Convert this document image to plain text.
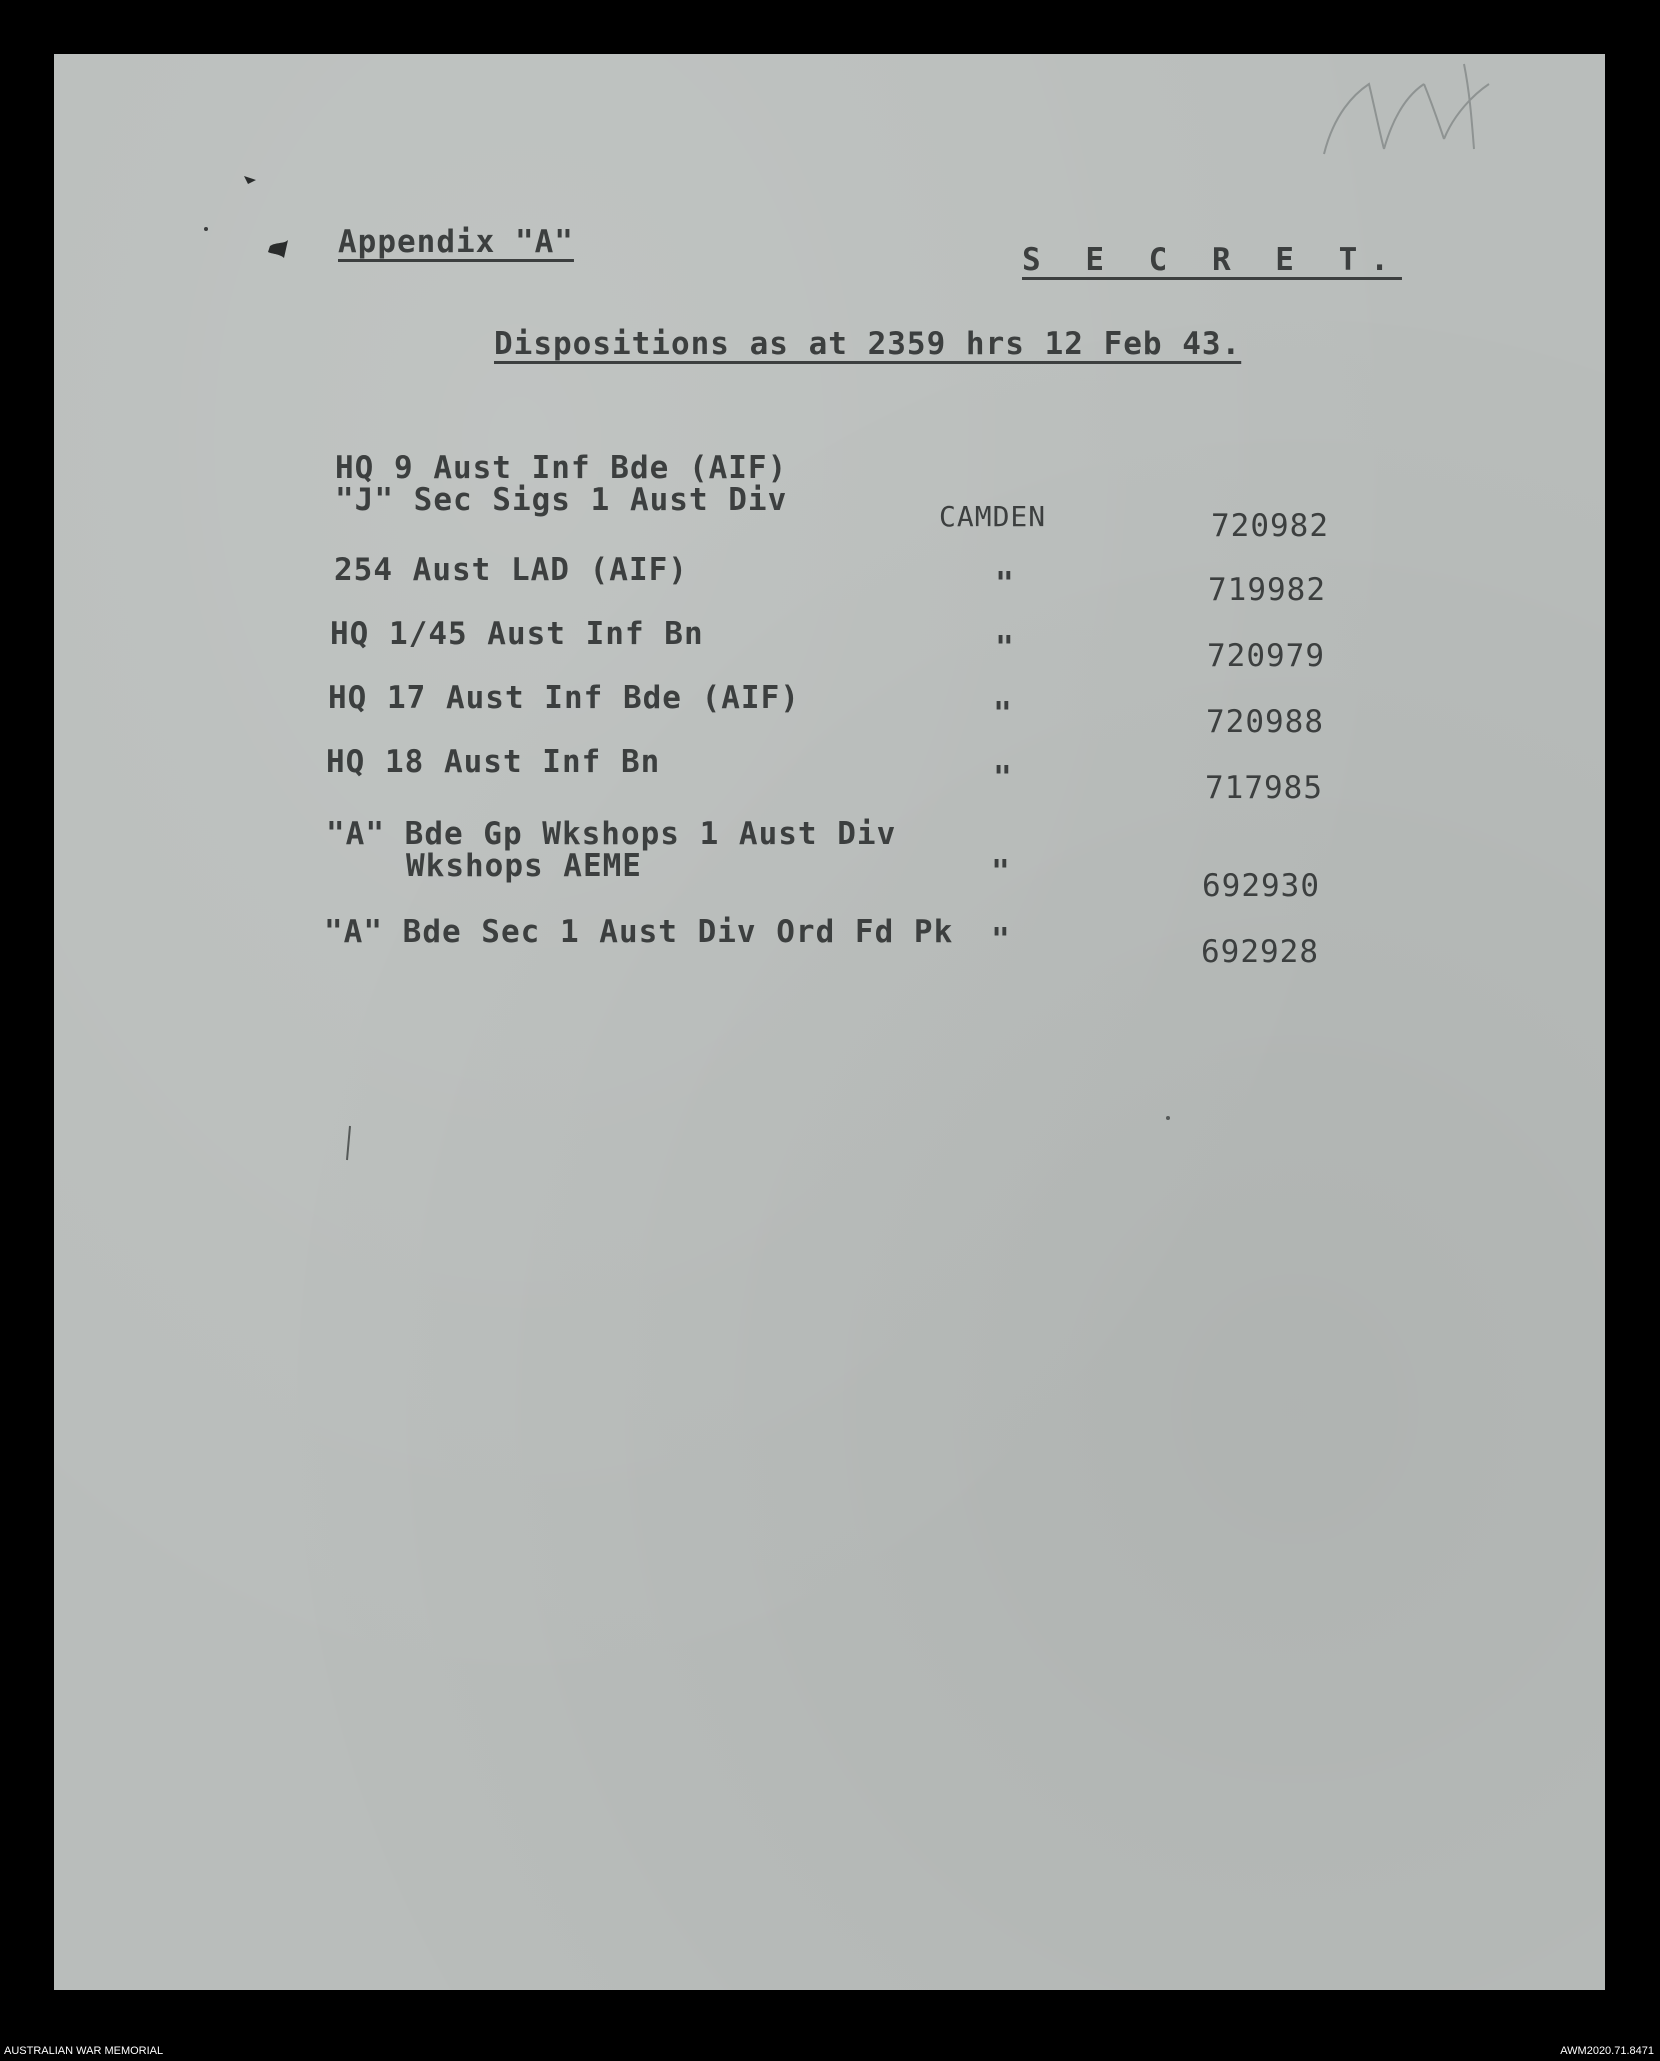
Appendix "A"	S E C R E T.
Dispositions as at 2359 hrs 12 Feb 43.
HQ 9 Aust Inf Bde (AIF)
"J" Sec Sigs 1 Aust Div	CAMDEN	720982
254 Aust LAD (AIF)	"	719982
HQ 1/45 Aust Inf Bn	"	720979
HQ 17 Aust Inf Bde (AIF)	"	720988
HQ 18 Aust Inf Bn	"	717985
"A" Bde Gp Wkshops 1 Aust Div
Wkshops AEME	"	692930
"A" Bde Sec 1 Aust Div Ord Fd Pk "	692928
AUSTRALIAN WAR MEMORIAL	AWM2020.71.8471
